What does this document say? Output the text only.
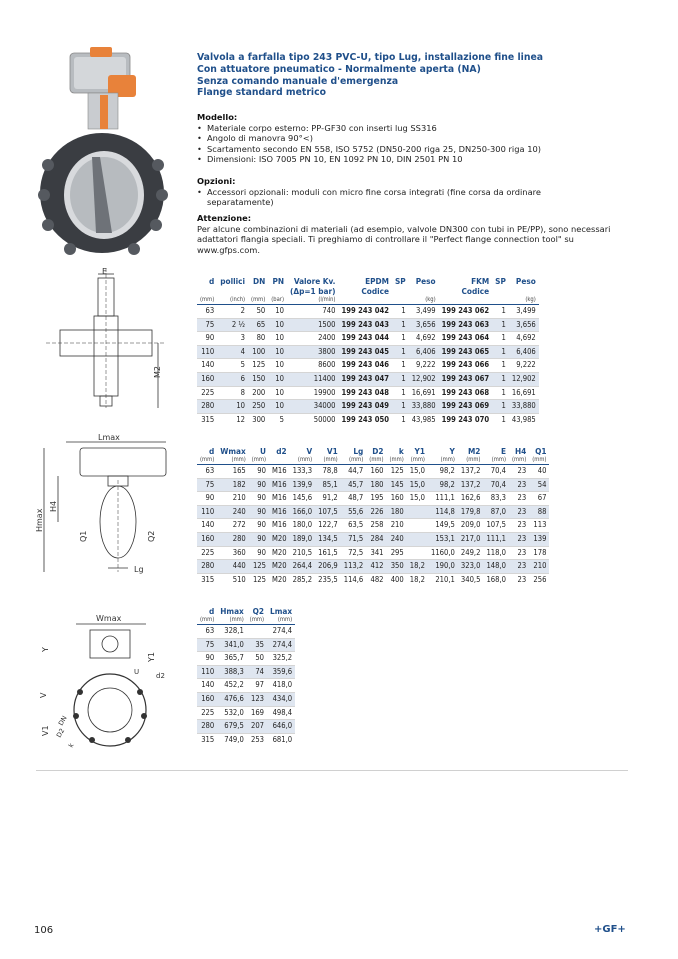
Valvola a farfalla tipo 243 PVC-U, tipo Lug, installazione fine linea
Con attuatore pneumatico - Normalmente aperta (NA)
Senza comando manuale d'emergenza
Flange standard metrico
Modello:
• Materiale corpo esterno: PP-GF30 con inserti lug SS316
• Angolo di manovra 90°<)
• Scartamento secondo EN 558, ISO 5752 (DN50-200 riga 25, DN250-300 riga 10)
• Dimensioni: ISO 7005 PN 10, EN 1092 PN 10, DIN 2501 PN 10
Opzioni:
• Accessori opzionali: moduli con micro fine corsa integrati (fine corsa da ordinare separatamente)
Attenzione:
Per alcune combinazioni di materiali (ad esempio, valvole DN300 con tubi in PE/PP), sono necessari adattatori flangia speciali. Ti preghiamo di controllare il "Perfect flange connection tool" su www.gfps.com.
E
M2
d	pollici	DN	PN	Valore Kv.	EPDM	SP	Peso	FKM	SP	Peso
				(Δp=1 bar)	Codice			Codice		
(mm)	(inch)	(mm)	(bar)	(l/min)			(kg)			(kg)
63	2	50	10	740	199 243 042	1	3,499	199 243 062	1	3,499
75	2 ½	65	10	1500	199 243 043	1	3,656	199 243 063	1	3,656
90	3	80	10	2400	199 243 044	1	4,692	199 243 064	1	4,692
110	4	100	10	3800	199 243 045	1	6,406	199 243 065	1	6,406
140	5	125	10	8600	199 243 046	1	9,222	199 243 066	1	9,222
160	6	150	10	11400	199 243 047	1	12,902	199 243 067	1	12,902
225	8	200	10	19900	199 243 048	1	16,691	199 243 068	1	16,691
280	10	250	10	34000	199 243 049	1	33,880	199 243 069	1	33,880
315	12	300	5	50000	199 243 050	1	43,985	199 243 070	1	43,985
Lmax
Hmax
H4
Q1	Q2
Lg
d	Wmax	U	d2	V	V1	Lg	D2	k	Y1	Y	M2	E	H4	Q1
(mm)	(mm)	(mm)		(mm)	(mm)	(mm)	(mm)	(mm)	(mm)	(mm)	(mm)	(mm)	(mm)	(mm)
63	165	90	M16	133,3	78,8	44,7	160	125	15,0	98,2	137,2	70,4	23	40
75	182	90	M16	139,9	85,1	45,7	180	145	15,0	98,2	137,2	70,4	23	54
90	210	90	M16	145,6	91,2	48,7	195	160	15,0	111,1	162,6	83,3	23	67
110	240	90	M16	166,0	107,5	55,6	226	180		114,8	179,8	87,0	23	88
140	272	90	M16	180,0	122,7	63,5	258	210		149,5	209,0	107,5	23	113
160	280	90	M20	189,0	134,5	71,5	284	240		153,1	217,0	111,1	23	139
225	360	90	M20	210,5	161,5	72,5	341	295		1160,0	249,2	118,0	23	178
280	440	125	M20	264,4	206,9	113,2	412	350	18,2	190,0	323,0	148,0	23	210
315	510	125	M20	285,2	235,5	114,6	482	400	18,2	210,1	340,5	168,0	23	256
Wmax
Y
Y1
U d2
V
V1
DN
D2
k
d	Hmax	Q2	Lmax
(mm)	(mm)	(mm)	(mm)
63	328,1		274,4
75	341,0	35	274,4
90	365,7	50	325,2
110	388,3	74	359,6
140	452,2	97	418,0
160	476,6	123	434,0
225	532,0	169	498,4
280	679,5	207	646,0
315	749,0	253	681,0
106	+GF+
